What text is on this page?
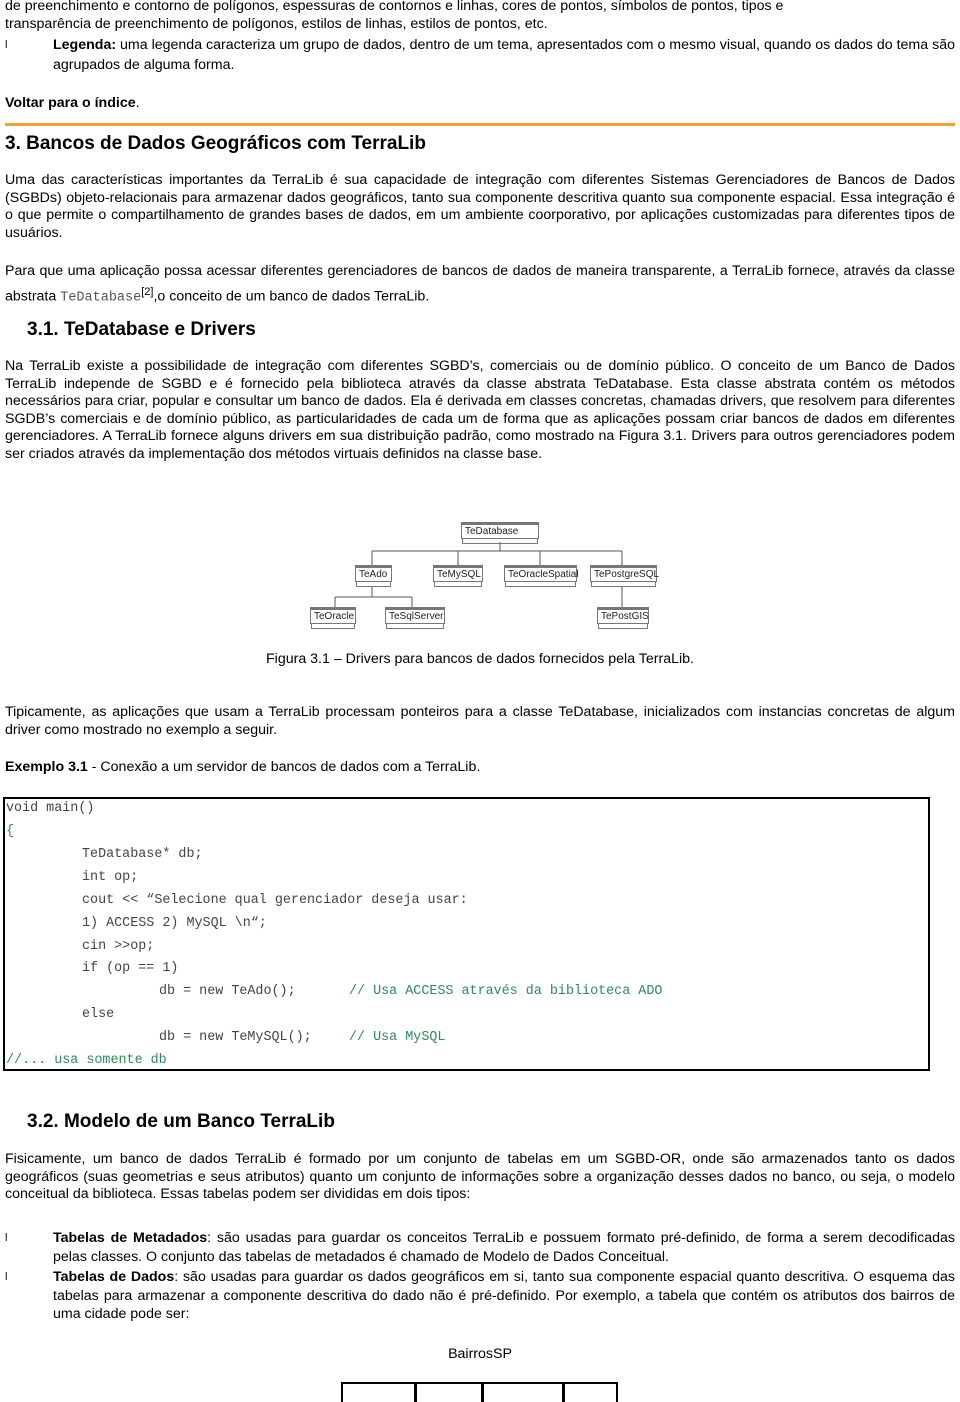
de preenchimento e contorno de polígonos, espessuras de contornos e linhas, cores de pontos, símbolos de pontos, tipos e
transparência de preenchimento de polígonos, estilos de linhas, estilos de pontos, etc.
l	Legenda: uma legenda caracteriza um grupo de dados, dentro de um tema, apresentados com o mesmo visual, quando os dados do tema são agrupados de alguma forma.
Voltar para o índice.
3. Bancos de Dados Geográficos com TerraLib

Uma das características importantes da TerraLib é sua capacidade de integração com diferentes Sistemas Gerenciadores de Bancos de Dados (SGBDs) objeto-relacionais para armazenar dados geográficos, tanto sua componente descritiva quanto sua componente espacial. Essa integração é o que permite o compartilhamento de grandes bases de dados, em um ambiente coorporativo, por aplicações customizadas para diferentes tipos de usuários.

Para que uma aplicação possa acessar diferentes gerenciadores de bancos de dados de maneira transparente, a TerraLib fornece, através da classe abstrata TeDatabase[2],o conceito de um banco de dados TerraLib.

3.1. TeDatabase e Drivers

Na TerraLib existe a possibilidade de integração com diferentes SGBD’s, comerciais ou de domínio público. O conceito de um Banco de Dados TerraLib independe de SGBD e é fornecido pela biblioteca através da classe abstrata TeDatabase. Esta classe abstrata contém os métodos necessários para criar, popular e consultar um banco de dados. Ela é derivada em classes concretas, chamadas drivers, que resolvem para diferentes SGDB’s comerciais e de domínio público, as particularidades de cada um de forma que as aplicações possam criar bancos de dados em diferentes gerenciadores. A TerraLib fornece alguns drivers em sua distribuição padrão, como mostrado na Figura 3.1. Drivers para outros gerenciadores podem ser criados através da implementação dos métodos virtuais definidos na classe base.

TeDatabase
TeAdo	TeMySQL	TeOracleSpatial	TePostgreSQL
TeOracle	TeSqlServer	TePostGIS
Figura 3.1 – Drivers para bancos de dados fornecidos pela TerraLib.

Tipicamente, as aplicações que usam a TerraLib processam ponteiros para a classe TeDatabase, inicializados com instancias concretas de algum driver como mostrado no exemplo a seguir.

Exemplo 3.1 - Conexão a um servidor de bancos de dados com a TerraLib.
void main()
{
TeDatabase* db;
int op;
cout << “Selecione qual gerenciador deseja usar:
1) ACCESS 2) MySQL \n“;
cin >>op;
if (op == 1)
db = new TeAdo();	// Usa ACCESS através da biblioteca ADO
else
db = new TeMySQL();	// Usa MySQL
//... usa somente db
3.2. Modelo de um Banco TerraLib

Fisicamente, um banco de dados TerraLib é formado por um conjunto de tabelas em um SGBD-OR, onde são armazenados tanto os dados geográficos (suas geometrias e seus atributos) quanto um conjunto de informações sobre a organização desses dados no banco, ou seja, o modelo conceitual da biblioteca. Essas tabelas podem ser divididas em dois tipos:

l	Tabelas de Metadados: são usadas para guardar os conceitos TerraLib e possuem formato pré-definido, de forma a serem decodificadas pelas classes. O conjunto das tabelas de metadados é chamado de Modelo de Dados Conceitual.
l	Tabelas de Dados: são usadas para guardar os dados geográficos em si, tanto sua componente espacial quanto descritiva. O esquema das tabelas para armazenar a componente descritiva do dado não é pré-definido. Por exemplo, a tabela que contém os atributos dos bairros de uma cidade pode ser:
BairrosSP
